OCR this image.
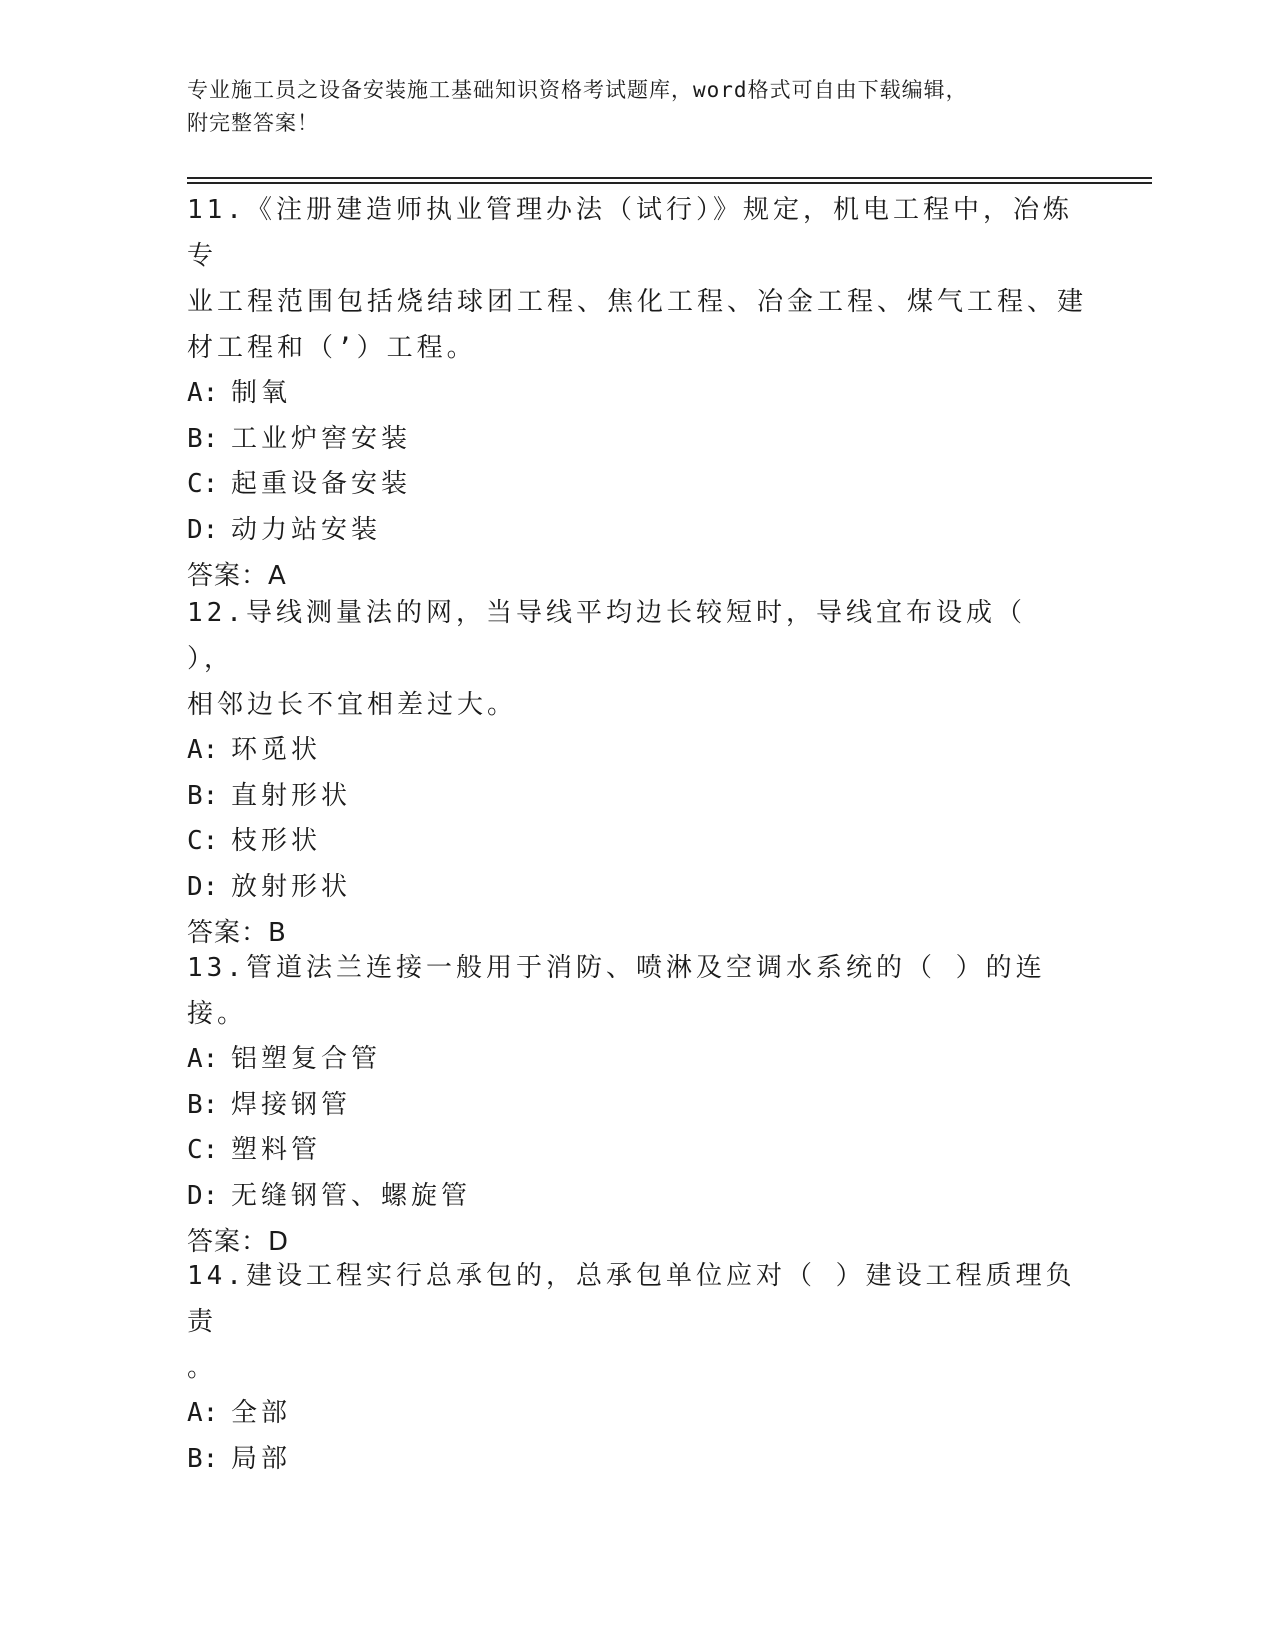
专业施工员之设备安装施工基础知识资格考试题库，word格式可自由下载编辑，
附完整答案！
11.《注册建造师执业管理办法（试行）》规定，机电工程中，冶炼专
业工程范围包括烧结球团工程、焦化工程、冶金工程、煤气工程、建
材工程和（’）工程。
A: 制氧
B: 工业炉窖安装
C: 起重设备安装
D: 动力站安装
答案：A
12.导线测量法的网，当导线平均边长较短时，导线宜布设成（ ），
相邻边长不宜相差过大。
A: 环觅状
B: 直射形状
C: 枝形状
D: 放射形状
答案：B
13.管道法兰连接一般用于消防、喷淋及空调水系统的（ ）的连接。
A: 铝塑复合管
B: 焊接钢管
C: 塑料管
D: 无缝钢管、螺旋管
答案：D
14.建设工程实行总承包的，总承包单位应对（ ）建设工程质理负责
。
A: 全部
B: 局部
